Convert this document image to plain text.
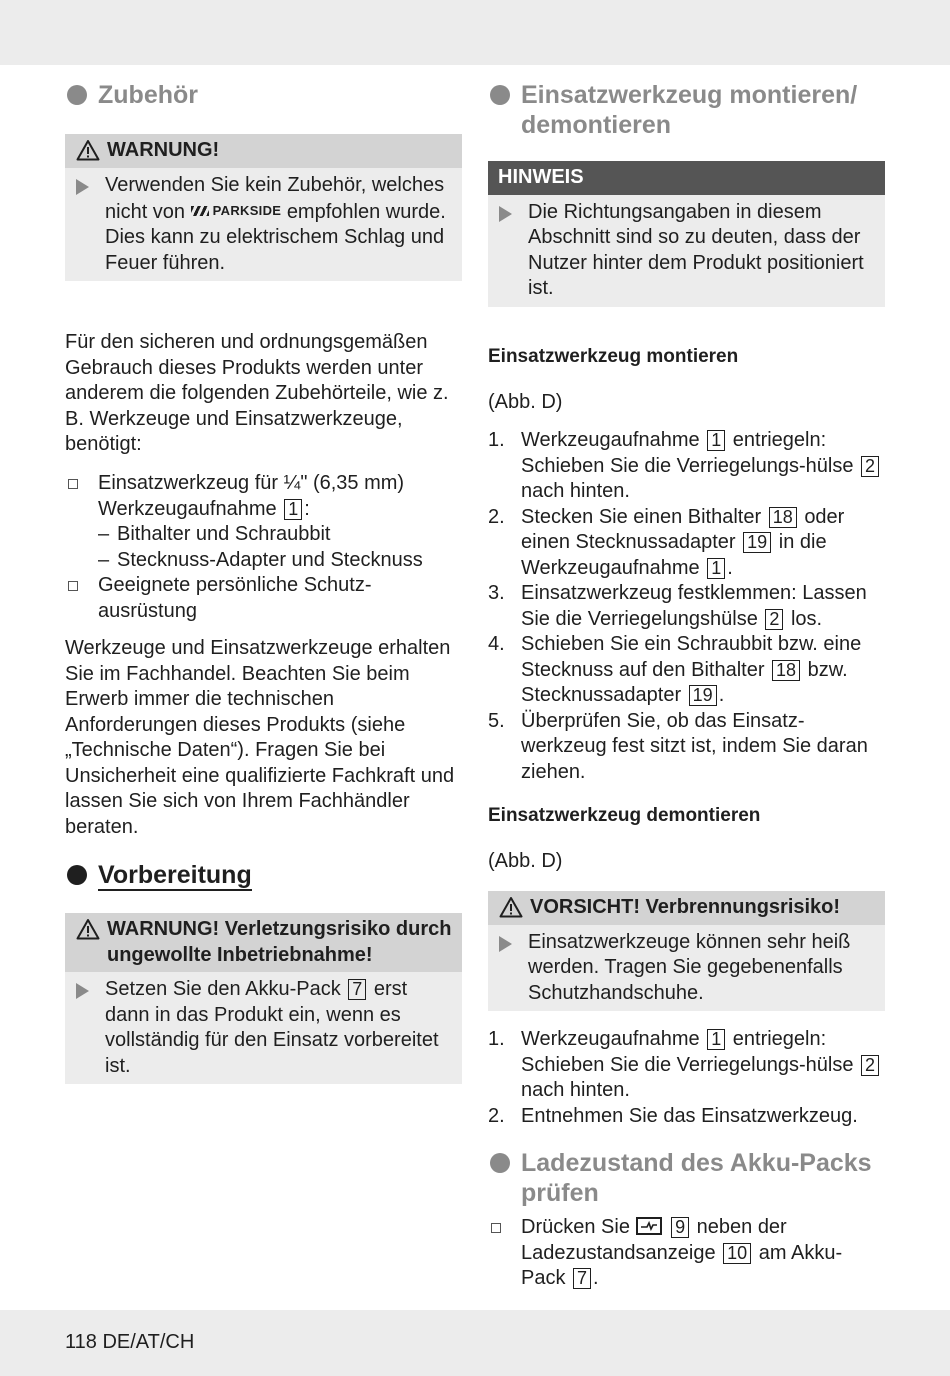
Zubehör
WARNUNG!
Verwenden Sie kein Zubehör, welches nicht von PARKSIDE empfohlen wurde. Dies kann zu elektrischem Schlag und Feuer führen.

Für den sicheren und ordnungsgemäßen Gebrauch dieses Produkts werden unter anderem die folgenden Zubehörteile, wie z. B. Werkzeuge und Einsatzwerkzeuge, benötigt:

Einsatzwerkzeug für ¼" (6,35 mm) Werkzeugaufnahme 1 :
– Bithalter und Schraubbit
– Stecknuss-Adapter und Stecknuss
Geeignete persönliche Schutz-ausrüstung

Werkzeuge und Einsatzwerkzeuge erhalten Sie im Fachhandel. Beachten Sie beim Erwerb immer die technischen Anforderungen dieses Produkts (siehe „Technische Daten“). Fragen Sie bei Unsicherheit eine qualifizierte Fachkraft und lassen Sie sich von Ihrem Fachhändler beraten.

Vorbereitung
WARNUNG! Verletzungsrisiko durch ungewollte Inbetriebnahme!
Setzen Sie den Akku-Pack 7 erst dann in das Produkt ein, wenn es vollständig für den Einsatz vorbereitet ist.
Einsatzwerkzeug montieren/ demontieren
HINWEIS
Die Richtungsangaben in diesem Abschnitt sind so zu deuten, dass der Nutzer hinter dem Produkt positioniert ist.
Einsatzwerkzeug montieren
(Abb. D)
1. Werkzeugaufnahme 1 entriegeln: Schieben Sie die Verriegelungs-hülse 2 nach hinten.
2. Stecken Sie einen Bithalter 18 oder einen Stecknussadapter 19 in die Werkzeugaufnahme 1 .
3. Einsatzwerkzeug festklemmen: Lassen Sie die Verriegelungshülse 2 los.
4. Schieben Sie ein Schraubbit bzw. eine Stecknuss auf den Bithalter 18 bzw. Stecknussadapter 19 .
5. Überprüfen Sie, ob das Einsatz-werkzeug fest sitzt ist, indem Sie daran ziehen.
Einsatzwerkzeug demontieren
(Abb. D)
VORSICHT! Verbrennungsrisiko!
Einsatzwerkzeuge können sehr heiß werden. Tragen Sie gegebenenfalls Schutzhandschuhe.
1. Werkzeugaufnahme 1 entriegeln: Schieben Sie die Verriegelungs-hülse 2 nach hinten.
2. Entnehmen Sie das Einsatzwerkzeug.
Ladezustand des Akku-Packs prüfen
Drücken Sie	9 neben der Ladezustandsanzeige 10 am Akku-Pack 7 .
118 DE/AT/CH
